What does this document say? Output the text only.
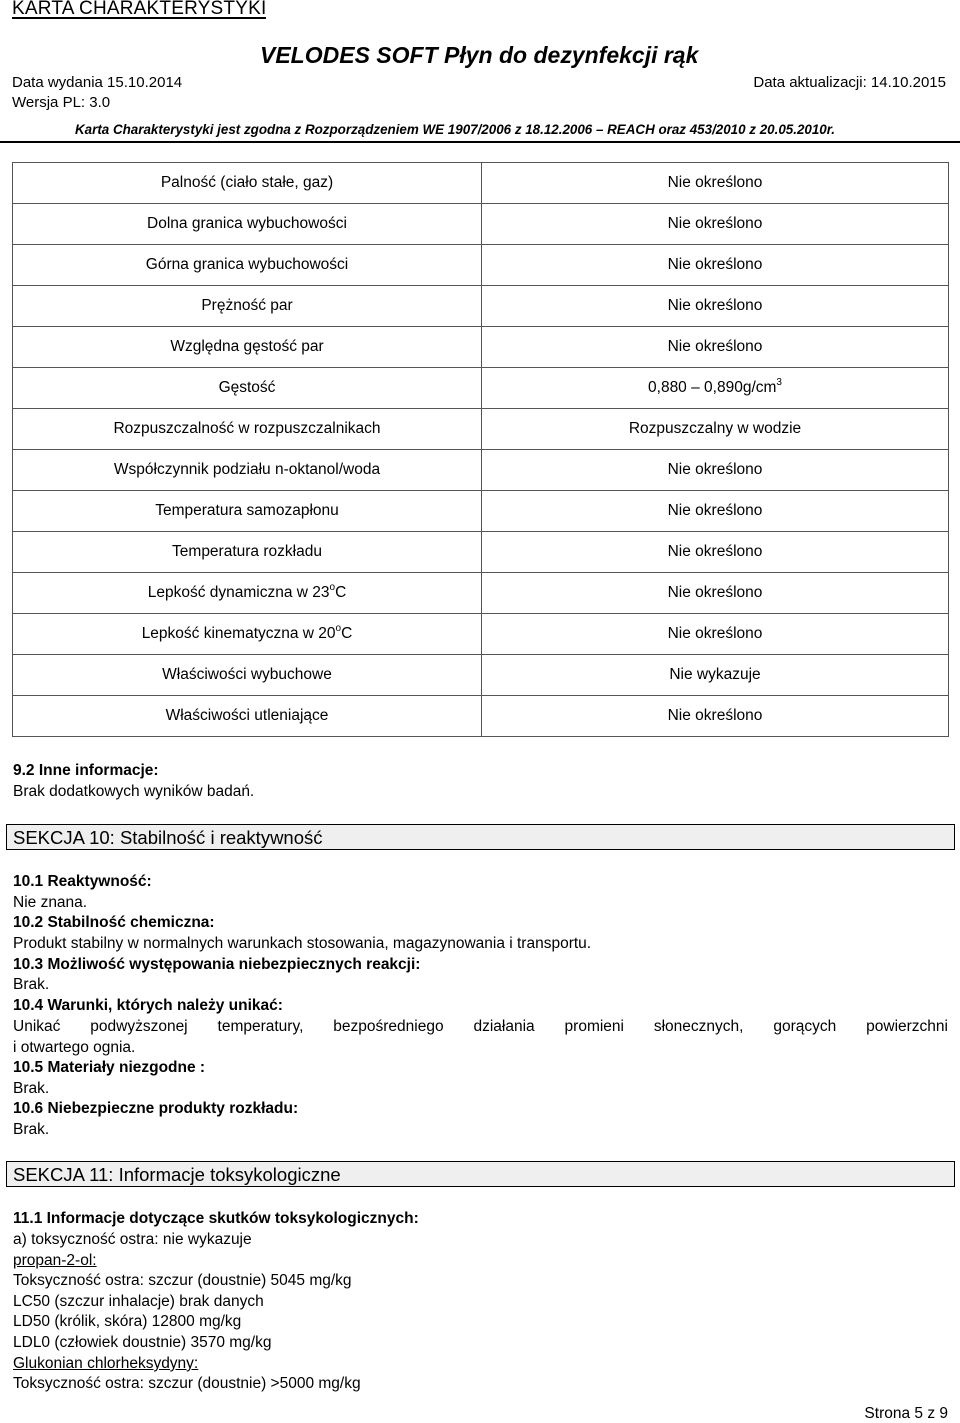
KARTA CHARAKTERYSTYKI
VELODES SOFT Płyn do dezynfekcji rąk
Data wydania 15.10.2014	Data aktualizacji: 14.10.2015
Wersja PL: 3.0
Karta Charakterystyki jest zgodna z Rozporządzeniem WE 1907/2006 z 18.12.2006 – REACH oraz 453/2010 z 20.05.2010r.
Palność (ciało stałe, gaz)	Nie określono
Dolna granica wybuchowości	Nie określono
Górna granica wybuchowości	Nie określono
Prężność par	Nie określono
Względna gęstość par	Nie określono
Gęstość	$0,880 - 0,890g/cm^3$
Rozpuszczalność w rozpuszczalnikach	Rozpuszczalny w wodzie
Współczynnik podziału n-oktanol/woda	Nie określono
Temperatura samozapłonu	Nie określono
Temperatura rozkładu	Nie określono
Lepkość dynamiczna w 23$^o$C	Nie określono
Lepkość kinematyczna w 20$^o$C	Nie określono
Właściwości wybuchowe	Nie wykazuje
Właściwości utleniające	Nie określono
9.2 Inne informacje:
Brak dodatkowych wyników badań.
SEKCJA 10: Stabilność i reaktywność
10.1 Reaktywność:
Nie znana.
10.2 Stabilność chemiczna:
Produkt stabilny w normalnych warunkach stosowania, magazynowania i transportu.
10.3 Możliwość występowania niebezpiecznych reakcji:
Brak.
10.4 Warunki, których należy unikać:
Unikać podwyższonej temperatury, bezpośredniego działania promieni słonecznych, gorących powierzchni
i otwartego ognia.
10.5 Materiały niezgodne :
Brak.
10.6 Niebezpieczne produkty rozkładu:
Brak.
SEKCJA 11: Informacje toksykologiczne
11.1 Informacje dotyczące skutków toksykologicznych:
a) toksyczność ostra: nie wykazuje
propan-2-ol:
Toksyczność ostra: szczur (doustnie) 5045 mg/kg
LC50 (szczur inhalacje) brak danych
LD50 (królik, skóra) 12800 mg/kg
LDL0 (człowiek doustnie) 3570 mg/kg
Glukonian chlorheksydyny:
Toksyczność ostra: szczur (doustnie) >5000 mg/kg
Strona 5 z 9
